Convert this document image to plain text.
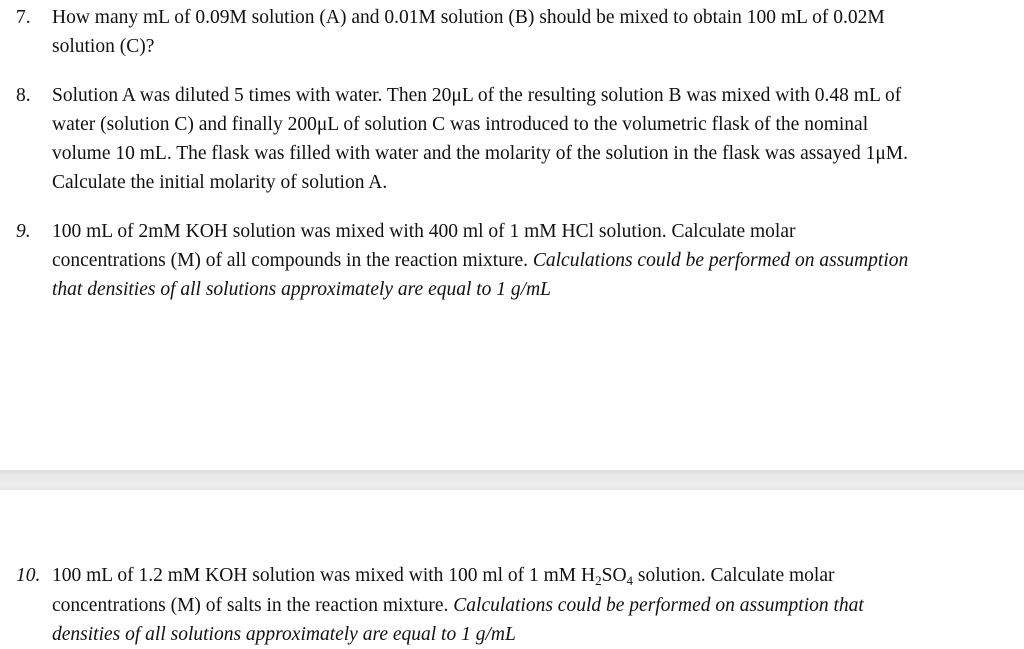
7. How many mL of 0.09M solution (A) and 0.01M solution (B) should be mixed to obtain 100 mL of 0.02M
solution (C)?
8. Solution A was diluted 5 times with water. Then 20μL of the resulting solution B was mixed with 0.48 mL of
water (solution C) and finally 200μL of solution C was introduced to the volumetric flask of the nominal
volume 10 mL. The flask was filled with water and the molarity of the solution in the flask was assayed 1μM.
Calculate the initial molarity of solution A.
9. 100 mL of 2mM KOH solution was mixed with 400 ml of 1 mM HCl solution. Calculate molar
concentrations (M) of all compounds in the reaction mixture. Calculations could be performed on assumption
that densities of all solutions approximately are equal to 1 g/mL
10. 100 mL of 1.2 mM KOH solution was mixed with 100 ml of 1 mM $H_2SO_4$ solution. Calculate molar
concentrations (M) of salts in the reaction mixture. Calculations could be performed on assumption that
densities of all solutions approximately are equal to 1 g/mL
